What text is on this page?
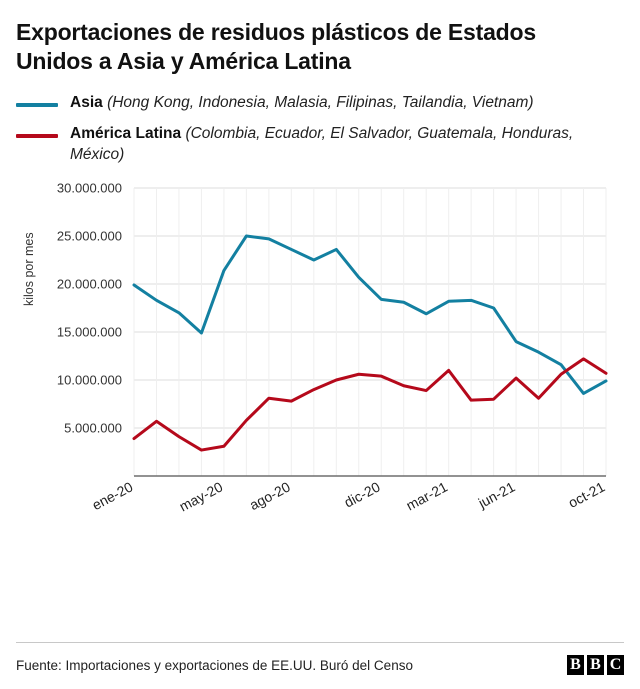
Exportaciones de residuos plásticos de Estados Unidos a Asia y América Latina
Asia (Hong Kong, Indonesia, Malasia, Filipinas, Tailandia, Vietnam)
América Latina (Colombia, Ecuador, El Salvador, Guatemala, Honduras, México)
kilos por mes
5.000.000
10.000.000
15.000.000
20.000.000
25.000.000
30.000.000
ene-20	may-20 ago-20	dic-20 mar-21 jun-21	oct-21
Fuente: Importaciones y exportaciones de EE.UU. Buró del Censo	B B C
